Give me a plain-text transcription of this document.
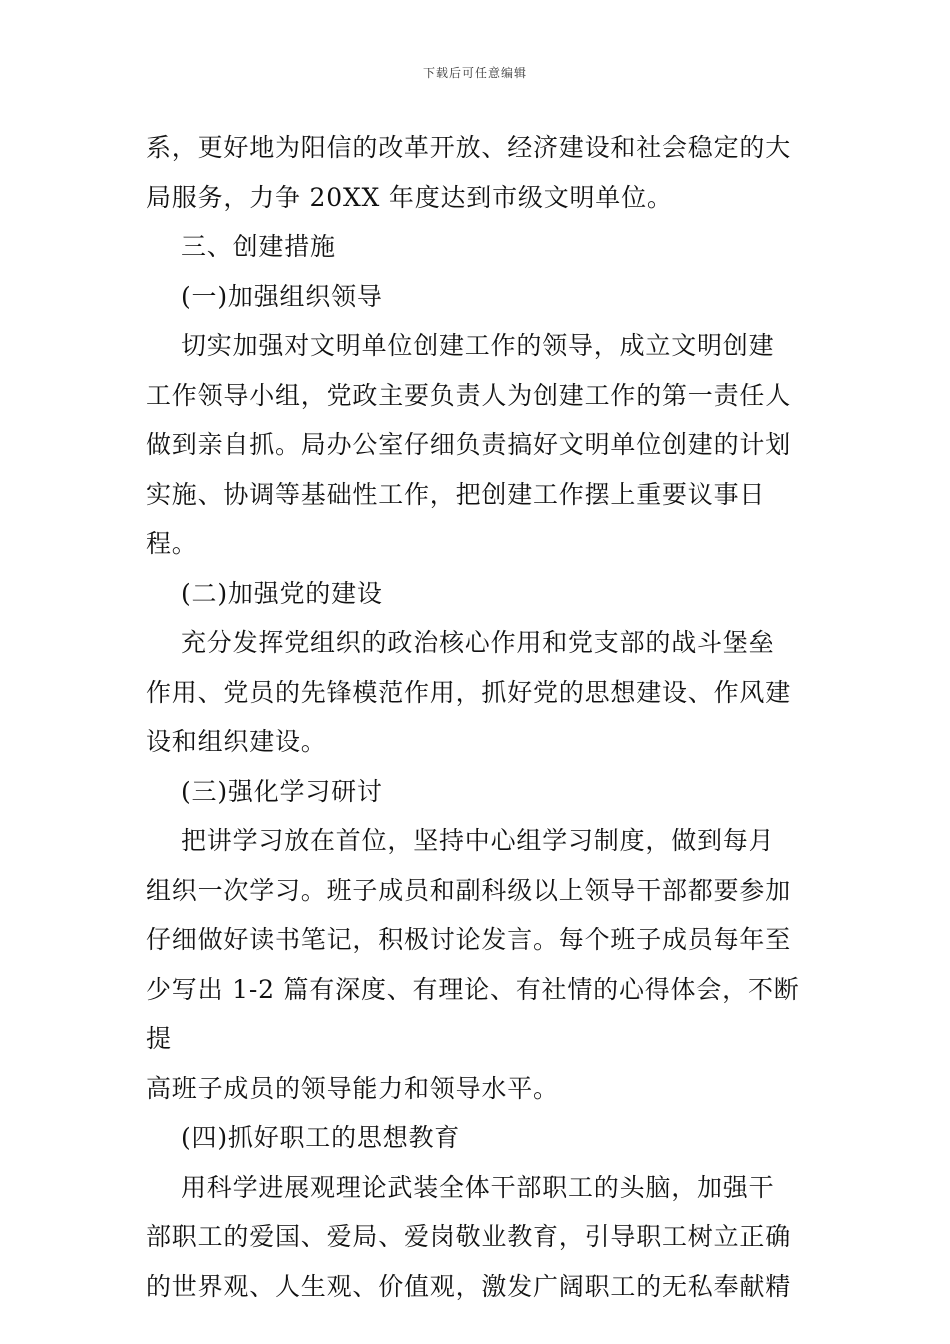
下载后可任意编辑

系，更好地为阳信的改革开放、经济建设和社会稳定的大

局服务，力争 20XX 年度达到市级文明单位。

三、创建措施

(一)加强组织领导

切实加强对文明单位创建工作的领导，成立文明创建

工作领导小组，党政主要负责人为创建工作的第一责任人

做到亲自抓。局办公室仔细负责搞好文明单位创建的计划

实施、协调等基础性工作，把创建工作摆上重要议事日程。

(二)加强党的建设

充分发挥党组织的政治核心作用和党支部的战斗堡垒

作用、党员的先锋模范作用，抓好党的思想建设、作风建

设和组织建设。

(三)强化学习研讨

把讲学习放在首位，坚持中心组学习制度，做到每月

组织一次学习。班子成员和副科级以上领导干部都要参加

仔细做好读书笔记，积极讨论发言。每个班子成员每年至

少写出 1-2 篇有深度、有理论、有社情的心得体会，不断提

高班子成员的领导能力和领导水平。

(四)抓好职工的思想教育

用科学进展观理论武装全体干部职工的头脑，加强干

部职工的爱国、爱局、爱岗敬业教育，引导职工树立正确

的世界观、人生观、价值观，激发广阔职工的无私奉献精
